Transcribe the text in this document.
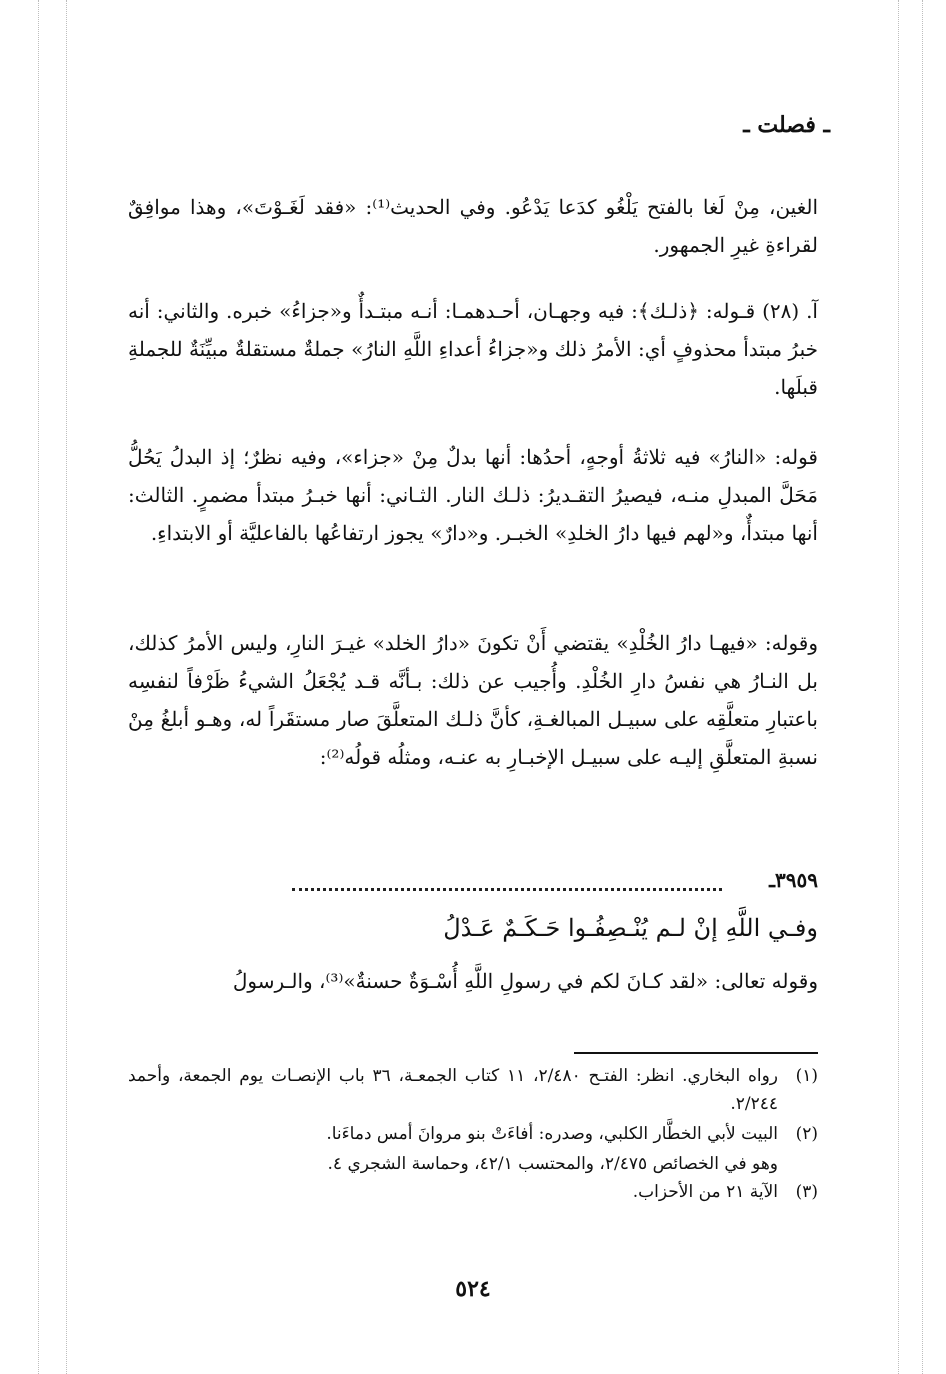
ـ فصلت ـ

الغين، مِنْ لَغا بالفتح يَلْغُو كدَعا يَدْعُو. وفي الحديث⁽¹⁾: «فقد لَغَـوْتَ»، وهذا موافِقٌ لقراءةِ غيرِ الجمهور.

آ. (٢٨) قـوله: ﴿ذلـك﴾: فيه وجهـان، أحـدهمـا: أنـه مبتـدأٌ و«جزاءُ» خبره. والثاني: أنه خبرُ مبتدأ محذوفٍ أي: الأمرُ ذلك و«جزاءُ أعداءِ اللَّهِ النارُ» جملةٌ مستقلةٌ مبيِّنَةٌ للجملةِ قبلَها.

قوله: «النارُ» فيه ثلاثةُ أوجهٍ، أحدُها: أنها بدلٌ مِنْ «جزاء»، وفيه نظرٌ؛ إذ البدلُ يَحُلُّ مَحَلَّ المبدلِ منـه، فيصيرُ التقـديرُ: ذلـك النار. الثـاني: أنها خبـرُ مبتدأ مضمرٍ. الثالث: أنها مبتدأٌ، و«لهم فيها دارُ الخلدِ» الخبـر. و«دارٌ» يجوز ارتفاعُها بالفاعليَّة أو الابتداءِ.

وقوله: «فيهـا دارُ الخُلْدِ» يقتضي أَنْ تكونَ «دارُ الخلد» غيـرَ النارِ، وليس الأمرُ كذلك، بل النـارُ هي نفسُ دارِ الخُلْدِ. وأُجيب عن ذلك: بـأنَّه قـد يُجْعَلُ الشيءُ ظَرْفاً لنفسِه باعتبارِ متعلَّقِه على سبيـل المبالغـةِ، كأنَّ ذلـك المتعلَّقَ صار مستقَراً له، وهـو أبلغُ مِنْ نسبةِ المتعلَّقِ إليـه على سبيـل الإخبـارِ به عنـه، ومثلُه قولُه⁽²⁾:

٣٩٥٩ـ
وفـي اللَّهِ إنْ لـم يُنْـصِفُـوا حَـكَـمٌ عَـدْلُ

وقوله تعالى: «لقد كـانَ لكم في رسولِ اللَّهِ أُسْـوَةٌ حسنةٌ»⁽³⁾، والـرسولُ

(١)
رواه البخاري. انظر: الفتـح ٢/٤٨٠، ١١ كتاب الجمعـة، ٣٦ باب الإنصـات يوم الجمعة، وأحمد ٢/٢٤٤.
(٢)
البيت لأبي الخطَّار الكلبي، وصدره: أفاءَتْ بنو مروانَ أمس دماءَنا.
وهو في الخصائص ٢/٤٧٥، والمحتسب ٤٢/١، وحماسة الشجري ٤.
(٣)
الآية ٢١ من الأحزاب.
٥٢٤
